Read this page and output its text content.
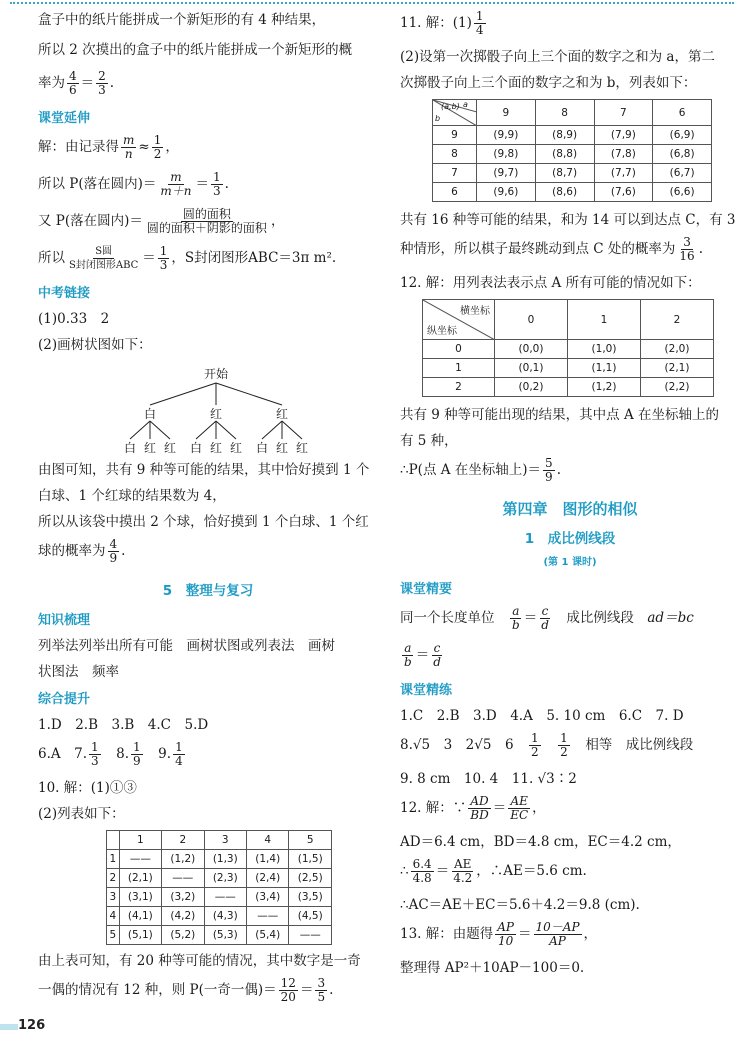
盒子中的纸片能拼成一个新矩形的有 4 种结果，
所以 2 次摸出的盒子中的纸片能拼成一个新矩形的概
率为 $\frac{4}{6} = \frac{2}{3}$ .
课堂延伸
解：由记录得 $\frac{m}{n} \approx \frac{1}{2}$ ，
所以 P(落在圆内)＝ $\frac{m}{m+n} = \frac{1}{3}$ .
又 P(落在圆内)＝ $\frac{\text{圆的面积}}{\text{圆的面积＋阴影的面积}}$ ，
所以 $\frac{\text{S圆}}{\text{S封闭图形ABC}} = \frac{1}{3}$ ，S封闭图形ABC＝3π m².
中考链接
(1)0.33　2
(2)画树状图如下：
开始
白	红	红
白 红 红 白 红 红 白 红 红
由图可知，共有 9 种等可能的结果，其中恰好摸到 1 个
白球、1 个红球的结果数为 4，
所以从该袋中摸出 2 个球，恰好摸到 1 个白球、1 个红
球的概率为 $\frac{4}{9}$ .
5　整理与复习
知识梳理
列举法列举出所有可能　画树状图或列表法　画树
状图法　频率
综合提升
1.D　2.B　3.B　4.C　5.D
6.A　7. $\frac{1}{3}$ 　8. $\frac{1}{9}$ 　9. $\frac{1}{4}$
10. 解：(1)①③
(2)列表如下：
	1	2	3	4	5
1	——	(1,2)	(1,3)	(1,4)	(1,5)
2	(2,1)	——	(2,3)	(2,4)	(2,5)
3	(3,1)	(3,2)	——	(3,4)	(3,5)
4	(4,1)	(4,2)	(4,3)	——	(4,5)
5	(5,1)	(5,2)	(5,3)	(5,4)	——
由上表可知，有 20 种等可能的情况，其中数字是一奇
一偶的情况有 12 种，则 P(一奇一偶)＝ $\frac{12}{20} = \frac{3}{5}$ .
11. 解：$(1) \frac{1}{4}$
(2)设第一次掷骰子向上三个面的数字之和为 a，第二
次掷骰子向上三个面的数字之和为 b，列表如下：
a
(a,b)
b	9	8	7	6
9	(9,9)	(8,9)	(7,9)	(6,9)
8	(9,8)	(8,8)	(7,8)	(6,8)
7	(9,7)	(8,7)	(7,7)	(6,7)
6	(9,6)	(8,6)	(7,6)	(6,6)
共有 16 种等可能的结果，和为 14 可以到达点 C，有 3
种情形，所以棋子最终跳动到点 C 处的概率为 $\frac{3}{16}$ .
12. 解：用列表法表示点 A 所有可能的情况如下：
横坐标
纵坐标	0	1	2
0	(0,0)	(1,0)	(2,0)
1	(0,1)	(1,1)	(2,1)
2	(0,2)	(1,2)	(2,2)
共有 9 种等可能出现的结果，其中点 A 在坐标轴上的
有 5 种，
∴P(点 A 在坐标轴上)＝ $\frac{5}{9}$ .
第四章　图形的相似
1　成比例线段
(第 1 课时)
课堂精要
同一个长度单位　 $\frac{a}{b} = \frac{c}{d}$
　 成比例线段　 ad＝bc
$\frac{a}{b} = \frac{c}{d}$
课堂精练
1.C　2.B　3.D　4.A　5. 10 cm　6.C　7. D
8.√5　3　2√5　6　 $\frac{1}{2}$
　 $\frac{1}{2}$
　 相等　成比例线段
9. 8 cm　10. 4　11. √3∶2
12. 解：∵ $\frac{AD}{BD} = \frac{AE}{EC}$ ，
AD＝6.4 cm，BD＝4.8 cm，EC＝4.2 cm，
∴ $\frac{6.4}{4.8} = \frac{AE}{4.2}$ ，∴AE＝5.6 cm.
∴AC＝AE＋EC＝5.6＋4.2＝9.8 (cm).
13. 解：由题得 $\frac{AP}{10} = \frac{10-AP}{AP}$ ，
整理得 AP²＋10AP－100＝0.
126
